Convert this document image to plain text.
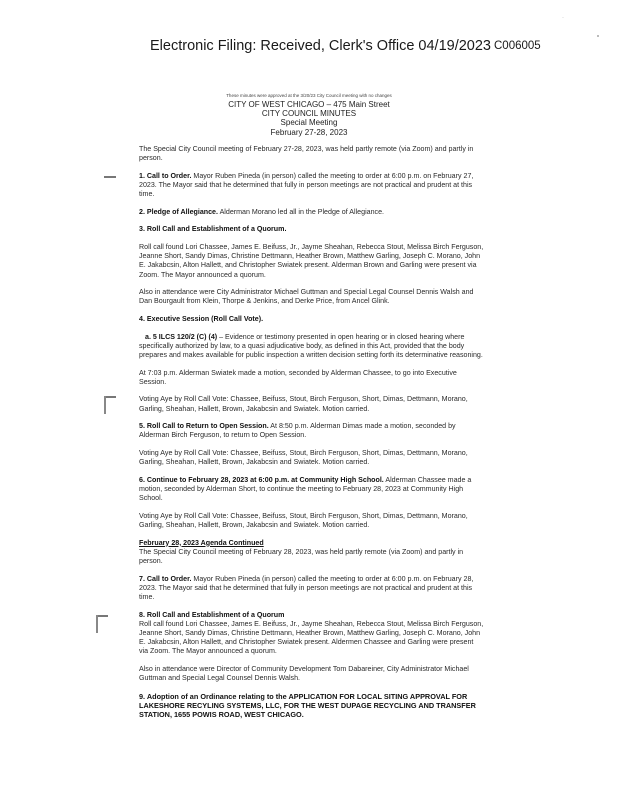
·
Electronic Filing: Received, Clerk's Office 04/19/2023 C006005
These minutes were approved at the 3/20/23 City Council meeting with no changes
CITY OF WEST CHICAGO – 475 Main Street
CITY COUNCIL MINUTES
Special Meeting
February 27-28, 2023

The Special City Council meeting of February 27-28, 2023, was held partly remote (via Zoom) and partly in person.

1. Call to Order. Mayor Ruben Pineda (in person) called the meeting to order at 6:00 p.m. on February 27, 2023. The Mayor said that he determined that fully in person meetings are not practical and prudent at this time.

2. Pledge of Allegiance. Alderman Morano led all in the Pledge of Allegiance.

3. Roll Call and Establishment of a Quorum.

Roll call found Lori Chassee, James E. Beifuss, Jr., Jayme Sheahan, Rebecca Stout, Melissa Birch Ferguson, Jeanne Short, Sandy Dimas, Christine Dettmann, Heather Brown, Matthew Garling, Joseph C. Morano, John E. Jakabcsin, Alton Hallett, and Christopher Swiatek present. Alderman Brown and Garling were present via Zoom. The Mayor announced a quorum.

Also in attendance were City Administrator Michael Guttman and Special Legal Counsel Dennis Walsh and Dan Bourgault from Klein, Thorpe & Jenkins, and Derke Price, from Ancel Glink.

4. Executive Session (Roll Call Vote).

a. 5 ILCS 120/2 (C) (4) – Evidence or testimony presented in open hearing or in closed hearing where specifically authorized by law, to a quasi adjudicative body, as defined in this Act, provided that the body prepares and makes available for public inspection a written decision setting forth its determinative reasoning.

At 7:03 p.m. Alderman Swiatek made a motion, seconded by Alderman Chassee, to go into Executive Session.

Voting Aye by Roll Call Vote: Chassee, Beifuss, Stout, Birch Ferguson, Short, Dimas, Dettmann, Morano, Garling, Sheahan, Hallett, Brown, Jakabcsin and Swiatek. Motion carried.

5. Roll Call to Return to Open Session. At 8:50 p.m. Alderman Dimas made a motion, seconded by Alderman Birch Ferguson, to return to Open Session.

Voting Aye by Roll Call Vote: Chassee, Beifuss, Stout, Birch Ferguson, Short, Dimas, Dettmann, Morano, Garling, Sheahan, Hallett, Brown, Jakabcsin and Swiatek. Motion carried.

6. Continue to February 28, 2023 at 6:00 p.m. at Community High School. Alderman Chassee made a motion, seconded by Alderman Short, to continue the meeting to February 28, 2023 at Community High School.

Voting Aye by Roll Call Vote: Chassee, Beifuss, Stout, Birch Ferguson, Short, Dimas, Dettmann, Morano, Garling, Sheahan, Hallett, Brown, Jakabcsin and Swiatek. Motion carried.

February 28, 2023 Agenda Continued

The Special City Council meeting of February 28, 2023, was held partly remote (via Zoom) and partly in person.

7. Call to Order. Mayor Ruben Pineda (in person) called the meeting to order at 6:00 p.m. on February 28, 2023. The Mayor said that he determined that fully in person meetings are not practical and prudent at this time.

8. Roll Call and Establishment of a Quorum

Roll call found Lori Chassee, James E. Beifuss, Jr., Jayme Sheahan, Rebecca Stout, Melissa Birch Ferguson, Jeanne Short, Sandy Dimas, Christine Dettmann, Heather Brown, Matthew Garling, Joseph C. Morano, John E. Jakabcsin, Alton Hallett, and Christopher Swiatek present. Aldermen Chassee and Garling were present via Zoom. The Mayor announced a quorum.

Also in attendance were Director of Community Development Tom Dabareiner, City Administrator Michael Guttman and Special Legal Counsel Dennis Walsh.

9. Adoption of an Ordinance relating to the APPLICATION FOR LOCAL SITING APPROVAL FOR LAKESHORE RECYLING SYSTEMS, LLC, FOR THE WEST DUPAGE RECYCLING AND TRANSFER STATION, 1655 POWIS ROAD, WEST CHICAGO.
